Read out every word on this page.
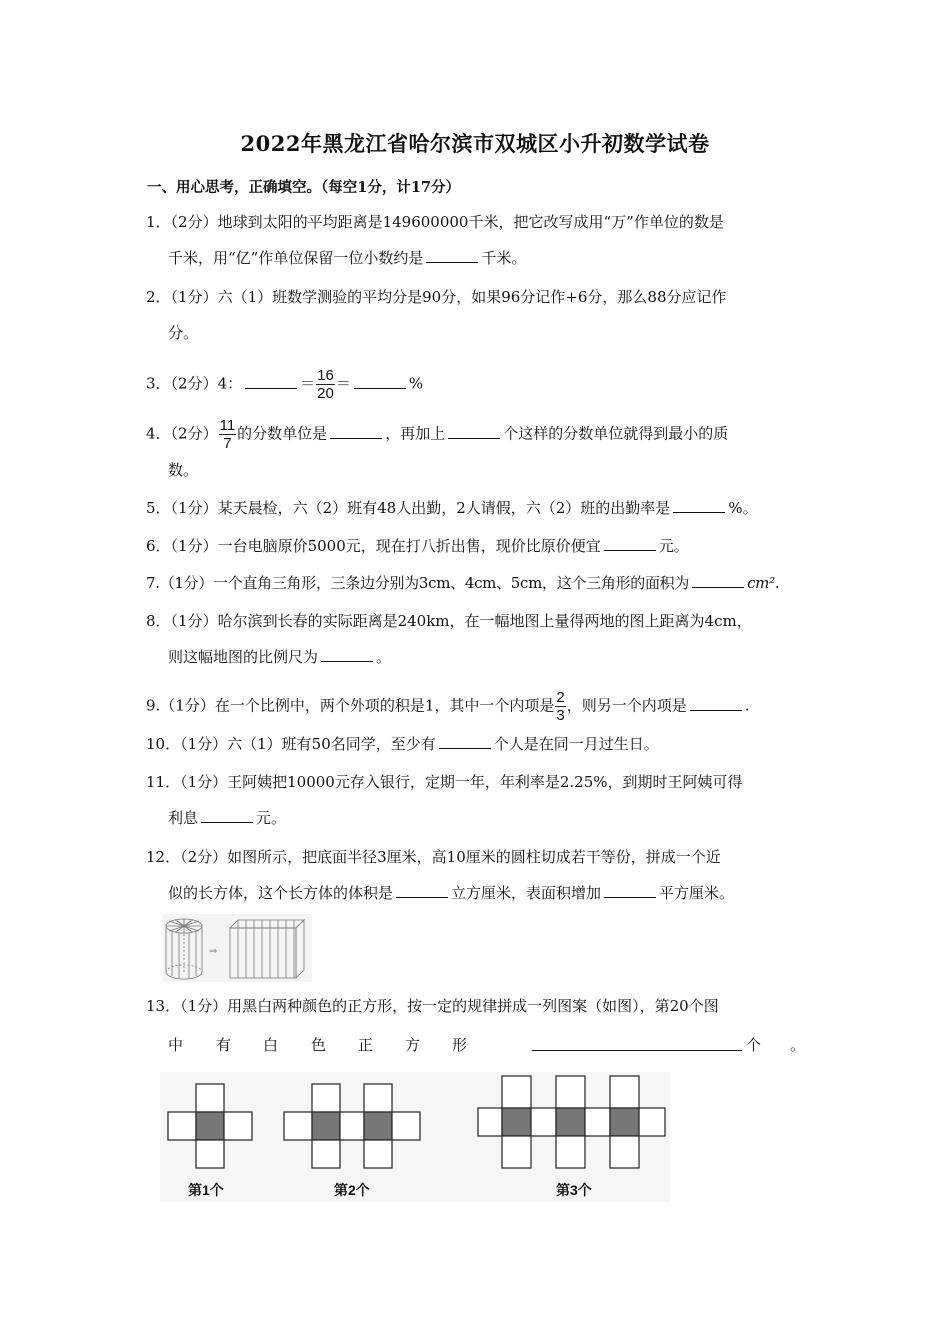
2022年黑龙江省哈尔滨市双城区小升初数学试卷
一、用心思考，正确填空。（每空1分，计17分）
1．（2分）地球到太阳的平均距离是149600000千米，把它改写成用“万”作单位的数是
千米，用“亿”作单位保留一位小数约是	千米。
2．（1分）六（1）班数学测验的平均分是90分，如果96分记作+6分，那么88分应记作
分。
3．（2分）4：	＝ $\frac{16}{20}$ ＝	%
4．（2分） $\frac{11}{7}$ 的分数单位是	，再加上	个这样的分数单位就得到最小的质
数。
5．（1分）某天晨检，六（2）班有48人出勤，2人请假，六（2）班的出勤率是	%。
6．（1分）一台电脑原价5000元，现在打八折出售，现价比原价便宜	元。
7.（1分）一个直角三角形，三条边分别为3cm、4cm、5cm，这个三角形的面积为	cm².
8．（1分）哈尔滨到长春的实际距离是240km，在一幅地图上量得两地的图上距离为4cm，
则这幅地图的比例尺为	。
9.（1分）在一个比例中，两个外项的积是1，其中一个内项是 $\frac{2}{3}$ ，则另一个内项是	.
10．（1分）六（1）班有50名同学，至少有	个人是在同一月过生日。
11．（1分）王阿姨把10000元存入银行，定期一年，年利率是2.25%，到期时王阿姨可得
利息	元。
12．（2分）如图所示，把底面半径3厘米，高10厘米的圆柱切成若干等份，拼成一个近
似的长方体，这个长方体的体积是	立方厘米，表面积增加	平方厘米。
⇒
13．（1分）用黑白两种颜色的正方形，按一定的规律拼成一列图案（如图），第20个图
中 有 白 色 正 方 形	个 。
第1个	第2个	第3个
